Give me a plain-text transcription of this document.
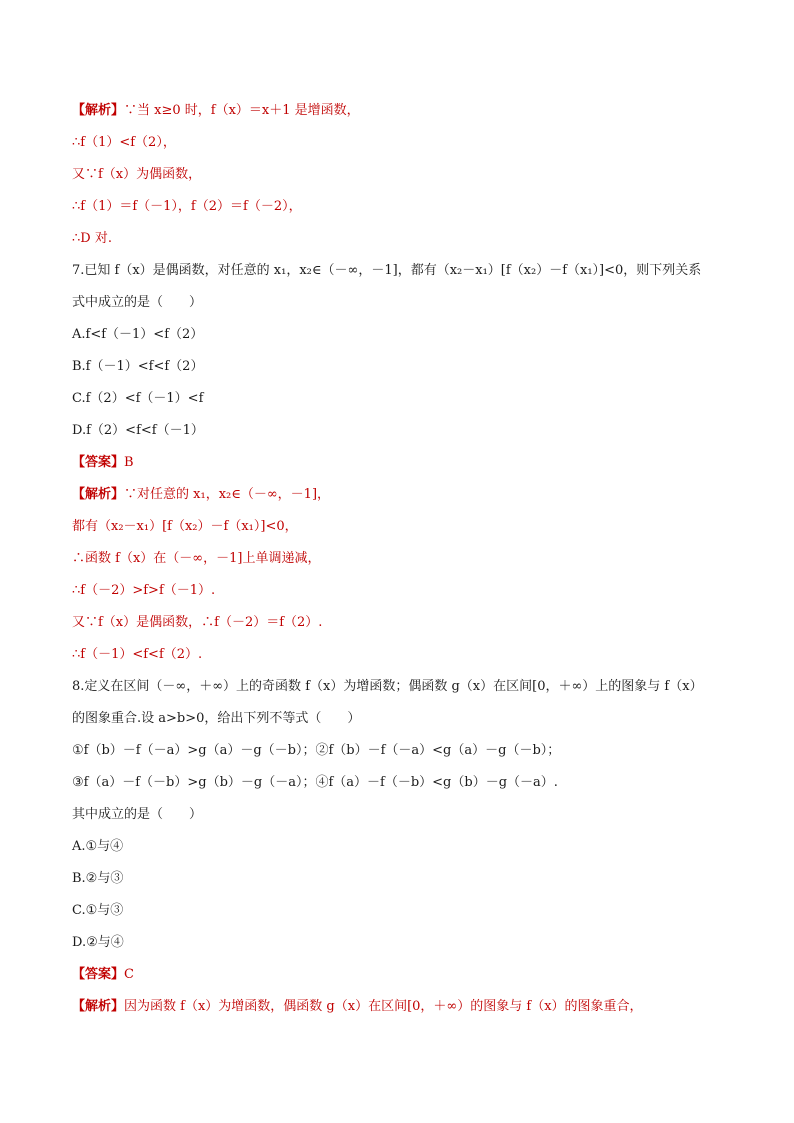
【解析】∵当 x≥0 时，f（x）＝x＋1 是增函数，
∴f（1）<f（2），
又∵f（x）为偶函数，
∴f（1）＝f（－1），f（2）＝f（－2），
∴D 对.
7.已知 f（x）是偶函数，对任意的 x₁，x₂∈（－∞，－1]，都有（x₂－x₁）[f（x₂）－f（x₁）]<0，则下列关系
式中成立的是（　　）
A.f<f（－1）<f（2）
B.f（－1）<f<f（2）
C.f（2）<f（－1）<f
D.f（2）<f<f（－1）
【答案】B
【解析】∵对任意的 x₁，x₂∈（－∞，－1]，
都有（x₂－x₁）[f（x₂）－f（x₁）]<0，
∴函数 f（x）在（－∞，－1]上单调递减，
∴f（－2）>f>f（－1）.
又∵f（x）是偶函数，∴f（－2）＝f（2）.
∴f（－1）<f<f（2）.
8.定义在区间（－∞，＋∞）上的奇函数 f（x）为增函数；偶函数 g（x）在区间[0，＋∞）上的图象与 f（x）
的图象重合.设 a>b>0，给出下列不等式（　　）
①f（b）－f（－a）>g（a）－g（－b）；②f（b）－f（－a）<g（a）－g（－b）；
③f（a）－f（－b）>g（b）－g（－a）；④f（a）－f（－b）<g（b）－g（－a）.
其中成立的是（　　）
A.①与④
B.②与③
C.①与③
D.②与④
【答案】C
【解析】因为函数 f（x）为增函数，偶函数 g（x）在区间[0，＋∞）的图象与 f（x）的图象重合，
